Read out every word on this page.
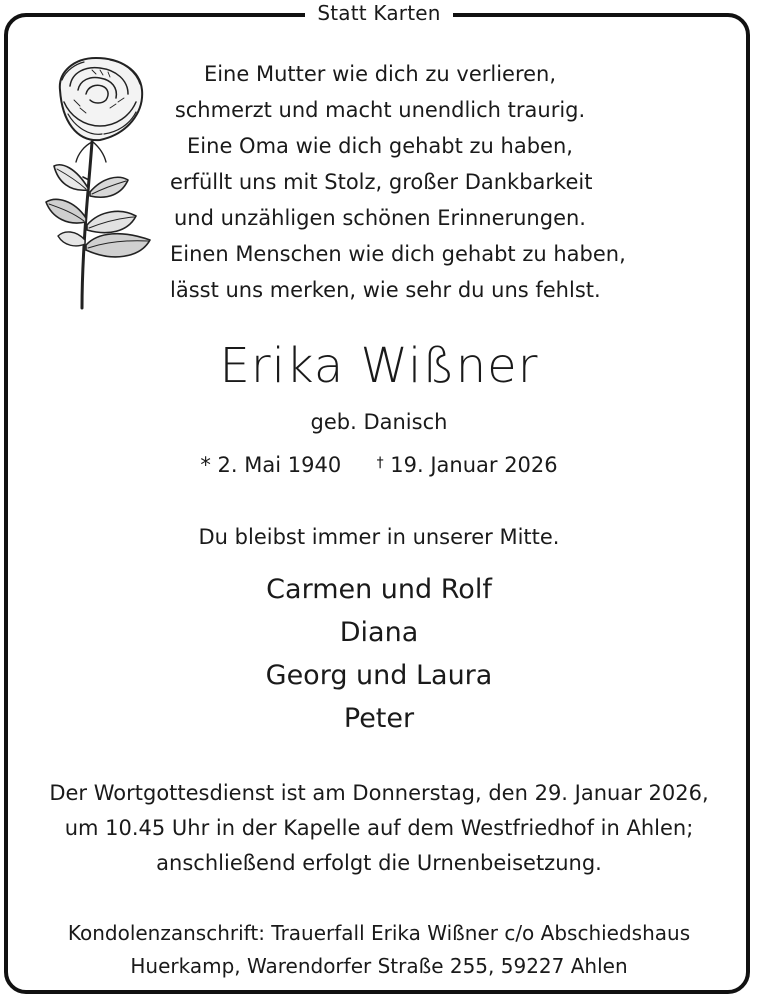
Statt Karten
Eine Mutter wie dich zu verlieren,
schmerzt und macht unendlich traurig.
Eine Oma wie dich gehabt zu haben,
erfüllt uns mit Stolz, großer Dankbarkeit
und unzähligen schönen Erinnerungen.
Einen Menschen wie dich gehabt zu haben,
lässt uns merken, wie sehr du uns fehlst.
Erika Wißner
geb. Danisch
* 2. Mai 1940	† 19. Januar 2026
Du bleibst immer in unserer Mitte.
Carmen und Rolf
Diana
Georg und Laura
Peter
Der Wortgottesdienst ist am Donnerstag, den 29. Januar 2026,
um 10.45 Uhr in der Kapelle auf dem Westfriedhof in Ahlen;
anschließend erfolgt die Urnenbeisetzung.
Kondolenzanschrift: Trauerfall Erika Wißner c/o Abschiedshaus
Huerkamp, Warendorfer Straße 255, 59227 Ahlen
